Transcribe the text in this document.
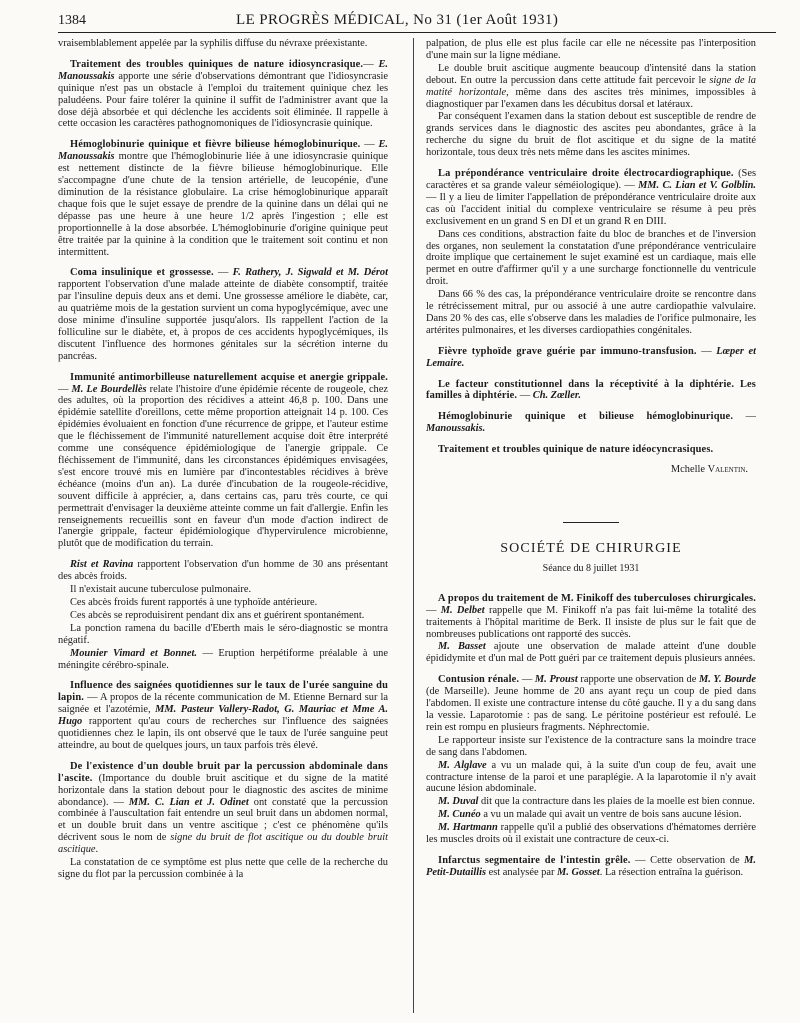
1384	LE PROGRÈS MÉDICAL, No 31 (1er Août 1931)

vraisemblablement appelée par la syphilis diffuse du névraxe préexistante.

Traitement des troubles quiniques de nature idiosyncrasique.— E. Manoussakis apporte une série d'observations démontrant que l'idiosyncrasie quinique n'est pas un obstacle à l'emploi du traitement quinique chez les paludéens. Pour faire tolérer la quinine il suffit de l'administrer avant que la dose déjà absorbée et qui déclenche les accidents soit éliminée. Il rappelle à cette occasion les caractères pathognomoniques de l'idiosyncrasie quinique.

Hémoglobinurie quinique et fièvre bilieuse hémoglobinurique. — E. Manoussakis montre que l'hémoglobinurie liée à une idiosyncrasie quinique est nettement distincte de la fièvre bilieuse hémoglobinurique. Elle s'accompagne d'une chute de la tension artérielle, de leucopénie, d'une diminution de la résistance globulaire. La crise hémoglobinurique apparaît chaque fois que le sujet essaye de prendre de la quinine dans un délai qui ne dépasse pas une heure à une heure 1/2 après l'ingestion ; elle est proportionnelle à la dose absorbée. L'hémoglobinurie d'origine quinique peut être traitée par la quinine à la condition que le traitement soit continu et non intermittent.

Coma insulinique et grossesse. — F. Rathery, J. Sigwald et M. Dérot rapportent l'observation d'une malade atteinte de diabète consomptif, traitée par l'insuline depuis deux ans et demi. Une grossesse améliore le diabète, car, au quatrième mois de la gestation survient un coma hypoglycémique, avec une dose minime d'insuline supportée jusqu'alors. Ils rappellent l'action de la folliculine sur le diabète, et, à propos de ces accidents hypoglycémiques, ils discutent l'influence des hormones génitales sur la sécrétion interne du pancréas.

Immunité antimorbilleuse naturellement acquise et anergie grippale.— M. Le Bourdellès relate l'histoire d'une épidémie récente de rougeole, chez des adultes, où la proportion des récidives a atteint 46,8 p. 100. Dans une épidémie satellite d'oreillons, cette même proportion atteignait 14 p. 100. Ces épidémies évoluaient en fonction d'une récurrence de grippe, et l'auteur estime que le fléchissement de l'immunité naturellement acquise doit être interprété comme une conséquence épidémiologique de l'anergie grippale. Ce fléchissement de l'immunité, dans les circonstances épidémiques envisagées, s'est encore trouvé mis en lumière par d'incontestables récidives à brève échéance (moins d'un an). La durée d'incubation de la rougeole-récidive, souvent difficile à apprécier, a, dans certains cas, paru très courte, ce qui permettrait d'envisager la deuxième atteinte comme un fait d'allergie. Enfin les renseignements recueillis sont en faveur d'un mode d'action indirect de l'anergie grippale, facteur épidémiologique d'hypervirulence microbienne, plutôt que de modification du terrain.

Rist et Ravina rapportent l'observation d'un homme de 30 ans présentant des abcès froids.

Il n'existait aucune tuberculose pulmonaire.

Ces abcès froids furent rapportés à une typhoïde antérieure.

Ces abcès se reproduisirent pendant dix ans et guérirent spontanément.

La ponction ramena du bacille d'Eberth mais le séro-diagnostic se montra négatif.

Mounier Vimard et Bonnet. — Eruption herpétiforme préalable à une méningite cérébro-spinale.

Influence des saignées quotidiennes sur le taux de l'urée sanguine du lapin. — A propos de la récente communication de M. Etienne Bernard sur la saignée et l'azotémie, MM. Pasteur Vallery-Radot, G. Mauriac et Mme A. Hugo rapportent qu'au cours de recherches sur l'influence des saignées quotidiennes chez le lapin, ils ont observé que le taux de l'urée sanguine peut atteindre, au bout de quelques jours, un taux parfois très élevé.

De l'existence d'un double bruit par la percussion abdominale dans l'ascite. (Importance du double bruit ascitique et du signe de la matité horizontale dans la station debout pour le diagnostic des ascites de minime abondance). — MM. C. Lian et J. Odinet ont constaté que la percussion combinée à l'auscultation fait entendre un seul bruit dans un abdomen normal, et un double bruit dans un ventre ascitique ; c'est ce phénomène qu'ils décrivent sous le nom de signe du bruit de flot ascitique ou du double bruit ascitique.

La constatation de ce symptôme est plus nette que celle de la recherche du signe du flot par la percussion combinée à la

palpation, de plus elle est plus facile car elle ne nécessite pas l'interposition d'une main sur la ligne médiane.

Le double bruit ascitique augmente beaucoup d'intensité dans la station debout. En outre la percussion dans cette attitude fait percevoir le signe de la matité horizontale, même dans des ascites très minimes, impossibles à diagnostiquer par l'examen dans les décubitus dorsal et latéraux.

Par conséquent l'examen dans la station debout est susceptible de rendre de grands services dans le diagnostic des ascites peu abondantes, grâce à la recherche du signe du bruit de flot ascitique et du signe de la matité horizontale, tous deux très nets même dans les ascites minimes.

La prépondérance ventriculaire droite électrocardiographique. (Ses caractères et sa grande valeur séméiologique). — MM. C. Lian et V. Golblin. — Il y a lieu de limiter l'appellation de prépondérance ventriculaire droite aux cas où l'accident initial du complexe ventriculaire se résume à peu près exclusivement en un grand S en DI et un grand R en DIII.

Dans ces conditions, abstraction faite du bloc de branches et de l'inversion des organes, non seulement la constatation d'une prépondérance ventriculaire droite implique que certainement le sujet examiné est un cardiaque, mais elle permet en outre d'affirmer qu'il y a une surcharge fonctionnelle du ventricule droit.

Dans 66 % des cas, la prépondérance ventriculaire droite se rencontre dans le rétrécissement mitral, pur ou associé à une autre cardiopathie valvulaire. Dans 20 % des cas, elle s'observe dans les maladies de l'orifice pulmonaire, les artérites pulmonaires, et les diverses cardiopathies congénitales.

Fièvre typhoïde grave guérie par immuno-transfusion. — Lœper et Lemaire.

Le facteur constitutionnel dans la réceptivité à la diphtérie. Les familles à diphtérie. — Ch. Zœller.

Hémoglobinurie quinique et bilieuse hémoglobinurique. — Manoussakis.

Traitement et troubles quinique de nature idéocyncrasiques.

Mchelle Valentin.

SOCIÉTÉ DE CHIRURGIE

Séance du 8 juillet 1931

A propos du traitement de M. Finikoff des tuberculoses chirurgicales. — M. Delbet rappelle que M. Finikoff n'a pas fait lui-même la totalité des traitements à l'hôpital maritime de Berk. Il insiste de plus sur le fait que de nombreuses publications ont rapporté des succès.

M. Basset ajoute une observation de malade atteint d'une double épididymite et d'un mal de Pott guéri par ce traitement depuis plusieurs années.

Contusion rénale. — M. Proust rapporte une observation de M. Y. Bourde (de Marseille). Jeune homme de 20 ans ayant reçu un coup de pied dans l'abdomen. Il existe une contracture intense du côté gauche. Il y a du sang dans la vessie. Laparotomie : pas de sang. Le péritoine postérieur est refoulé. Le rein est rompu en plusieurs fragments. Néphrectomie.

Le rapporteur insiste sur l'existence de la contracture sans la moindre trace de sang dans l'abdomen.

M. Alglave a vu un malade qui, à la suite d'un coup de feu, avait une contracture intense de la paroi et une paraplégie. A la laparotomie il n'y avait aucune lésion abdominale.

M. Duval dit que la contracture dans les plaies de la moelle est bien connue.

M. Cunéo a vu un malade qui avait un ventre de bois sans aucune lésion.

M. Hartmann rappelle qu'il a publié des observations d'hématomes derrière les muscles droits où il existait une contracture de ceux-ci.

Infarctus segmentaire de l'intestin grêle. — Cette observation de M. Petit-Dutaillis est analysée par M. Gosset. La résection entraîna la guérison.
